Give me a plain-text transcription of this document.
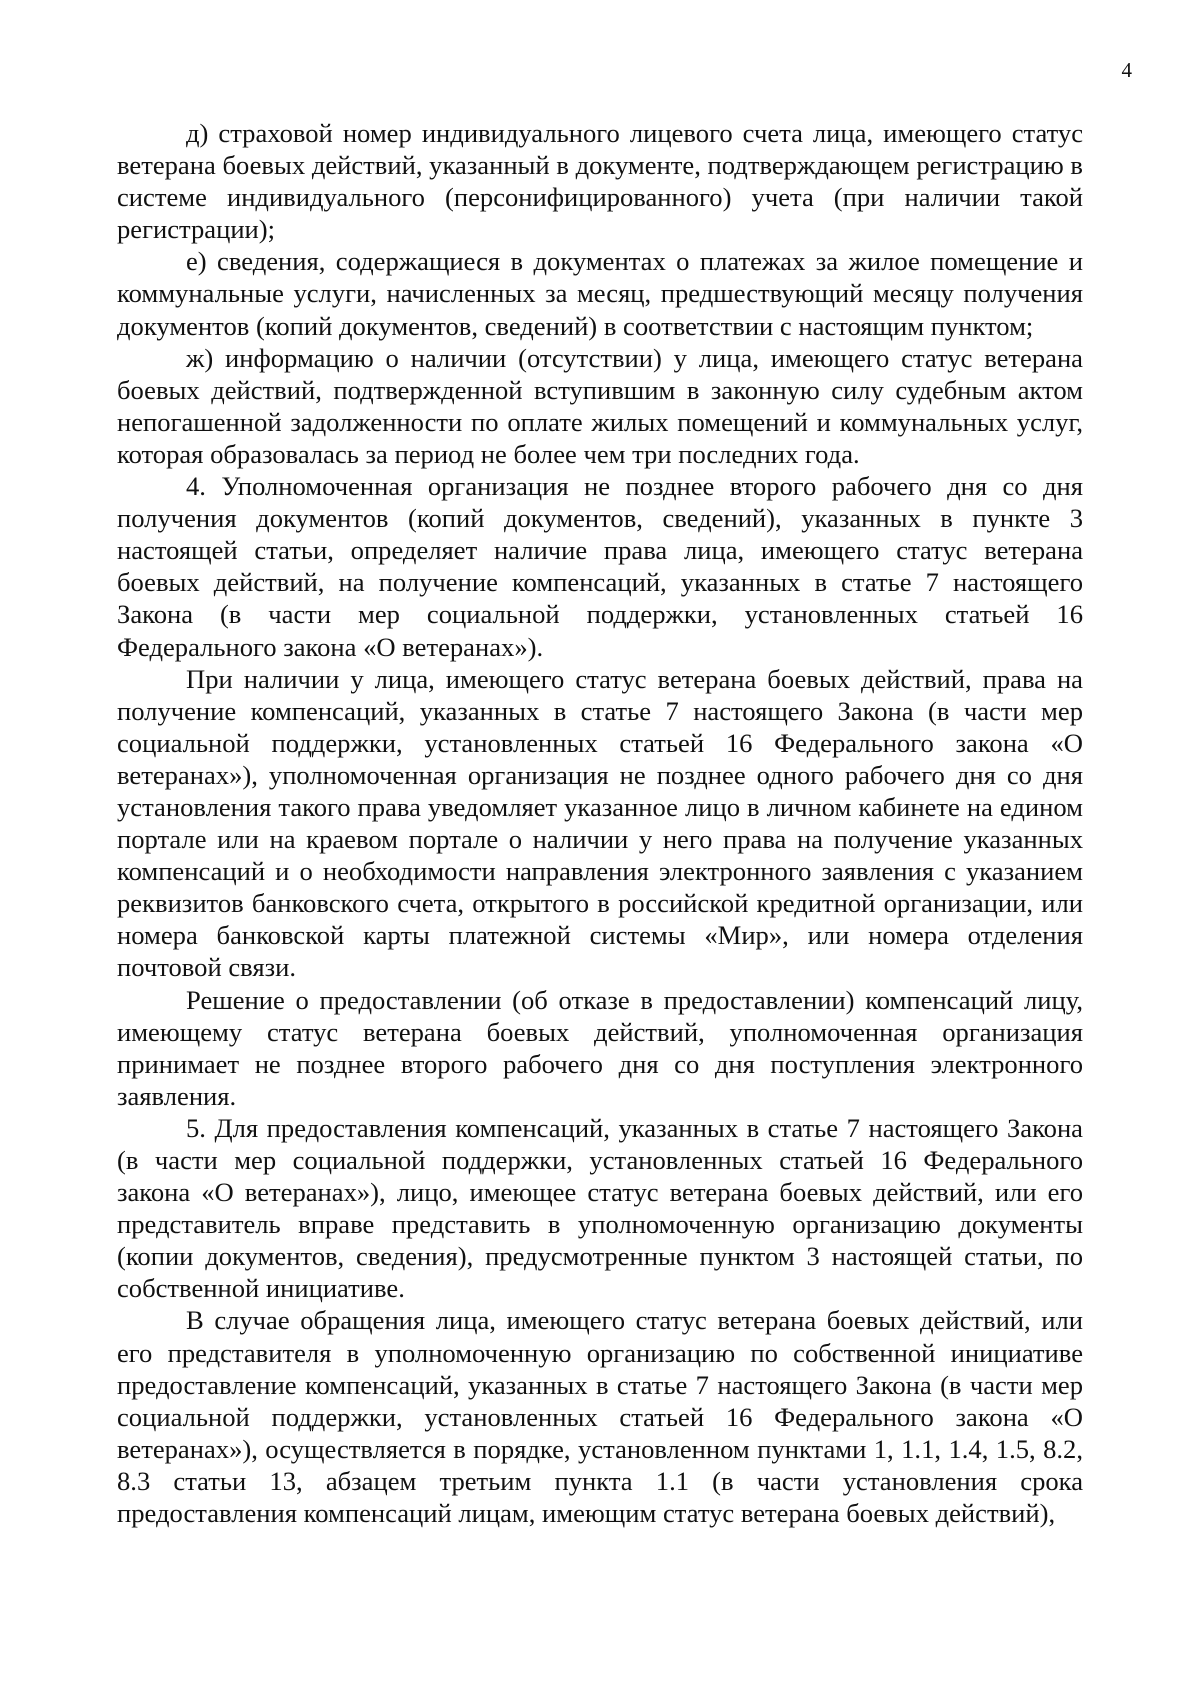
4

д) страховой номер индивидуального лицевого счета лица, имеющего статус ветерана боевых действий, указанный в документе, подтверждающем регистрацию в системе индивидуального (персонифицированного) учета (при наличии такой регистрации);

е) сведения, содержащиеся в документах о платежах за жилое помещение и коммунальные услуги, начисленных за месяц, предшествующий месяцу получения документов (копий документов, сведений) в соответствии с настоящим пунктом;

ж) информацию о наличии (отсутствии) у лица, имеющего статус ветерана боевых действий, подтвержденной вступившим в законную силу судебным актом непогашенной задолженности по оплате жилых помещений и коммунальных услуг, которая образовалась за период не более чем три последних года.

4. Уполномоченная организация не позднее второго рабочего дня со дня получения документов (копий документов, сведений), указанных в пункте 3 настоящей статьи, определяет наличие права лица, имеющего статус ветерана боевых действий, на получение компенсаций, указанных в статье 7 настоящего Закона (в части мер социальной поддержки, установленных статьей 16 Федерального закона «О ветеранах»).

При наличии у лица, имеющего статус ветерана боевых действий, права на получение компенсаций, указанных в статье 7 настоящего Закона (в части мер социальной поддержки, установленных статьей 16 Федерального закона «О ветеранах»), уполномоченная организация не позднее одного рабочего дня со дня установления такого права уведомляет указанное лицо в личном кабинете на едином портале или на краевом портале о наличии у него права на получение указанных компенсаций и о необходимости направления электронного заявления с указанием реквизитов банковского счета, открытого в российской кредитной организации, или номера банковской карты платежной системы «Мир», или номера отделения почтовой связи.

Решение о предоставлении (об отказе в предоставлении) компенсаций лицу, имеющему статус ветерана боевых действий, уполномоченная организация принимает не позднее второго рабочего дня со дня поступления электронного заявления.

5. Для предоставления компенсаций, указанных в статье 7 настоящего Закона (в части мер социальной поддержки, установленных статьей 16 Федерального закона «О ветеранах»), лицо, имеющее статус ветерана боевых действий, или его представитель вправе представить в уполномоченную организацию документы (копии документов, сведения), предусмотренные пунктом 3 настоящей статьи, по собственной инициативе.

В случае обращения лица, имеющего статус ветерана боевых действий, или его представителя в уполномоченную организацию по собственной инициативе предоставление компенсаций, указанных в статье 7 настоящего Закона (в части мер социальной поддержки, установленных статьей 16 Федерального закона «О ветеранах»), осуществляется в порядке, установленном пунктами 1, 1.1, 1.4, 1.5, 8.2, 8.3 статьи 13, абзацем третьим пункта 1.1 (в части установления срока предоставления компенсаций лицам, имеющим статус ветерана боевых действий),
